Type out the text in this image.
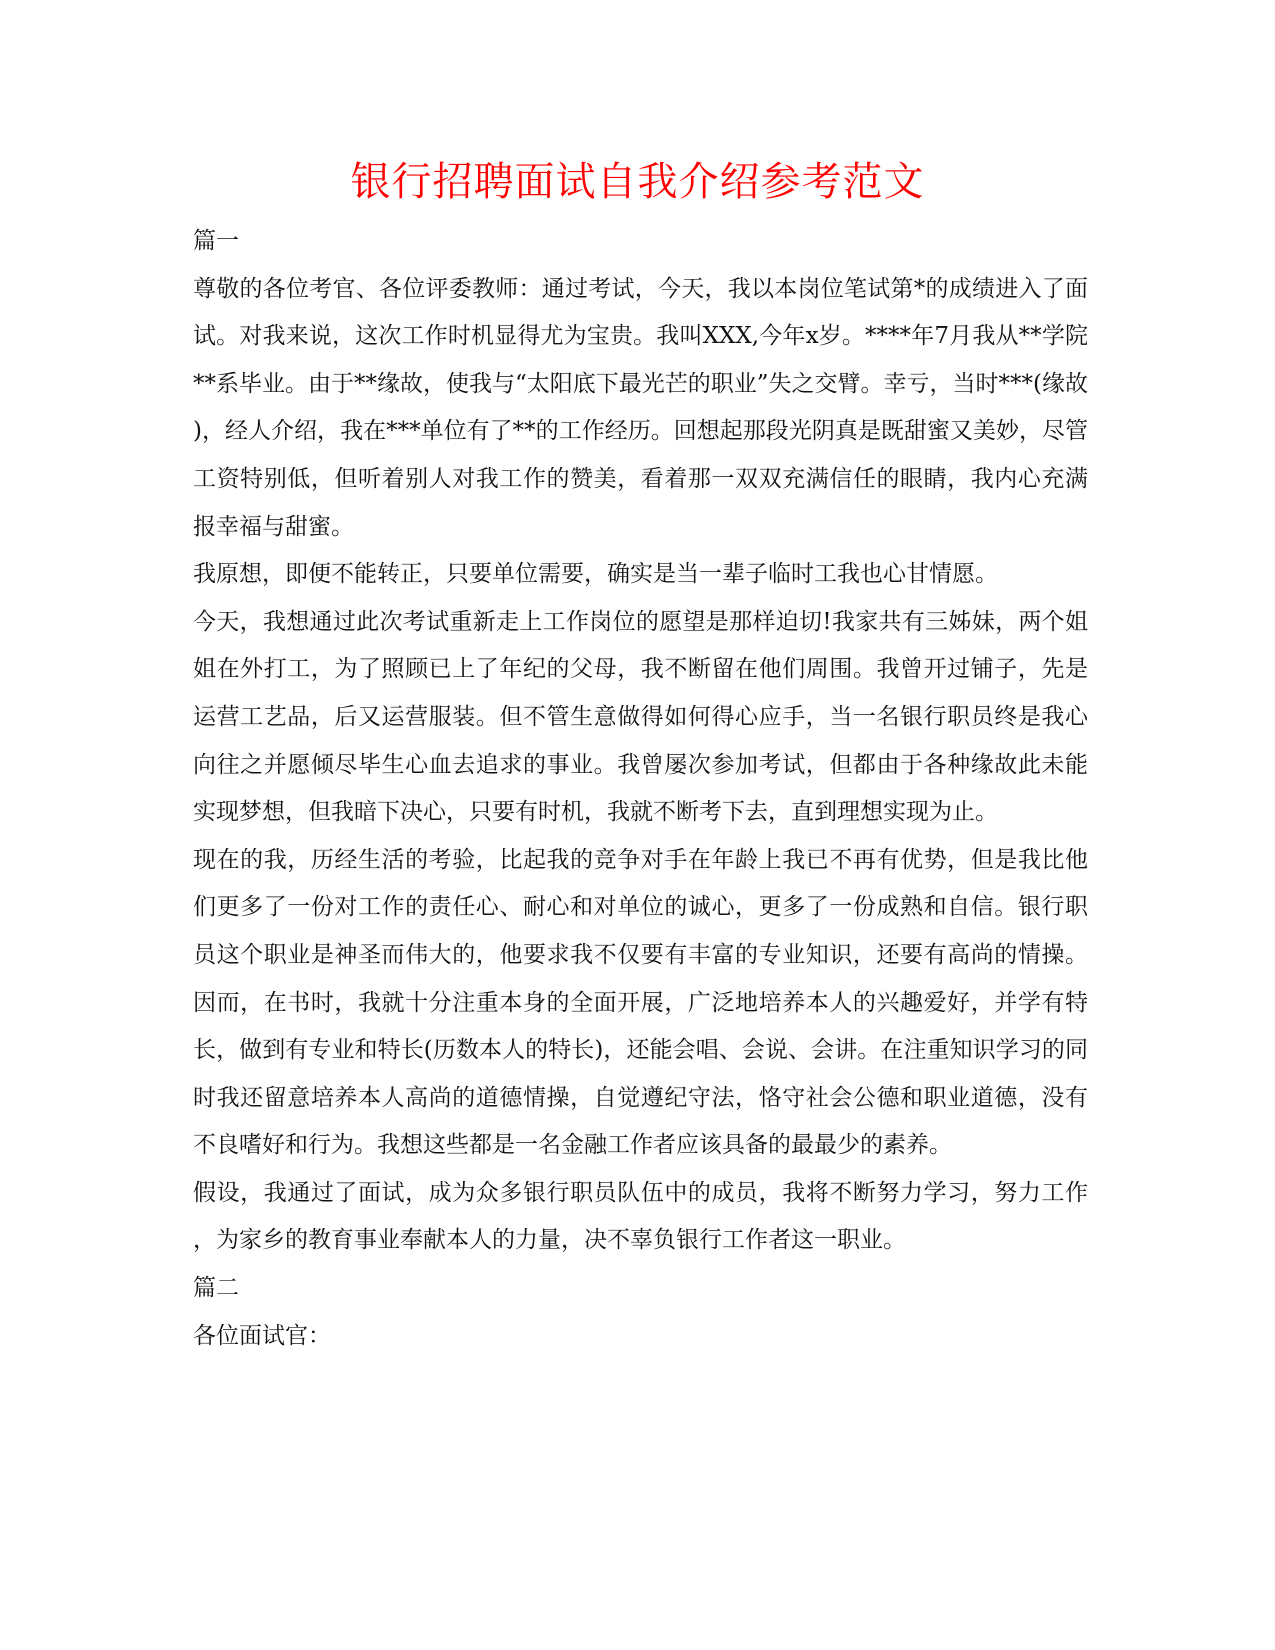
银行招聘面试自我介绍参考范文

篇一

尊敬的各位考官、各位评委教师：通过考试，今天，我以本岗位笔试第*的成绩进入了面试。对我来说，这次工作时机显得尤为宝贵。我叫XXX,今年x岁。****年7月我从**学院**系毕业。由于**缘故，使我与“太阳底下最光芒的职业”失之交臂。幸亏，当时***(缘故)，经人介绍，我在***单位有了**的工作经历。回想起那段光阴真是既甜蜜又美妙，尽管工资特别低，但听着别人对我工作的赞美，看着那一双双充满信任的眼睛，我内心充满报幸福与甜蜜。

我原想，即便不能转正，只要单位需要，确实是当一辈子临时工我也心甘情愿。

今天，我想通过此次考试重新走上工作岗位的愿望是那样迫切!我家共有三姊妹，两个姐姐在外打工，为了照顾已上了年纪的父母，我不断留在他们周围。我曾开过铺子，先是运营工艺品，后又运营服装。但不管生意做得如何得心应手，当一名银行职员终是我心向往之并愿倾尽毕生心血去追求的事业。我曾屡次参加考试，但都由于各种缘故此未能实现梦想，但我暗下决心，只要有时机，我就不断考下去，直到理想实现为止。

现在的我，历经生活的考验，比起我的竞争对手在年龄上我已不再有优势，但是我比他们更多了一份对工作的责任心、耐心和对单位的诚心，更多了一份成熟和自信。银行职员这个职业是神圣而伟大的，他要求我不仅要有丰富的专业知识，还要有高尚的情操。因而，在书时，我就十分注重本身的全面开展，广泛地培养本人的兴趣爱好，并学有特长，做到有专业和特长(历数本人的特长)，还能会唱、会说、会讲。在注重知识学习的同时我还留意培养本人高尚的道德情操，自觉遵纪守法，恪守社会公德和职业道德，没有不良嗜好和行为。我想这些都是一名金融工作者应该具备的最最少的素养。

假设，我通过了面试，成为众多银行职员队伍中的成员，我将不断努力学习，努力工作，为家乡的教育事业奉献本人的力量，决不辜负银行工作者这一职业。

篇二

各位面试官：
